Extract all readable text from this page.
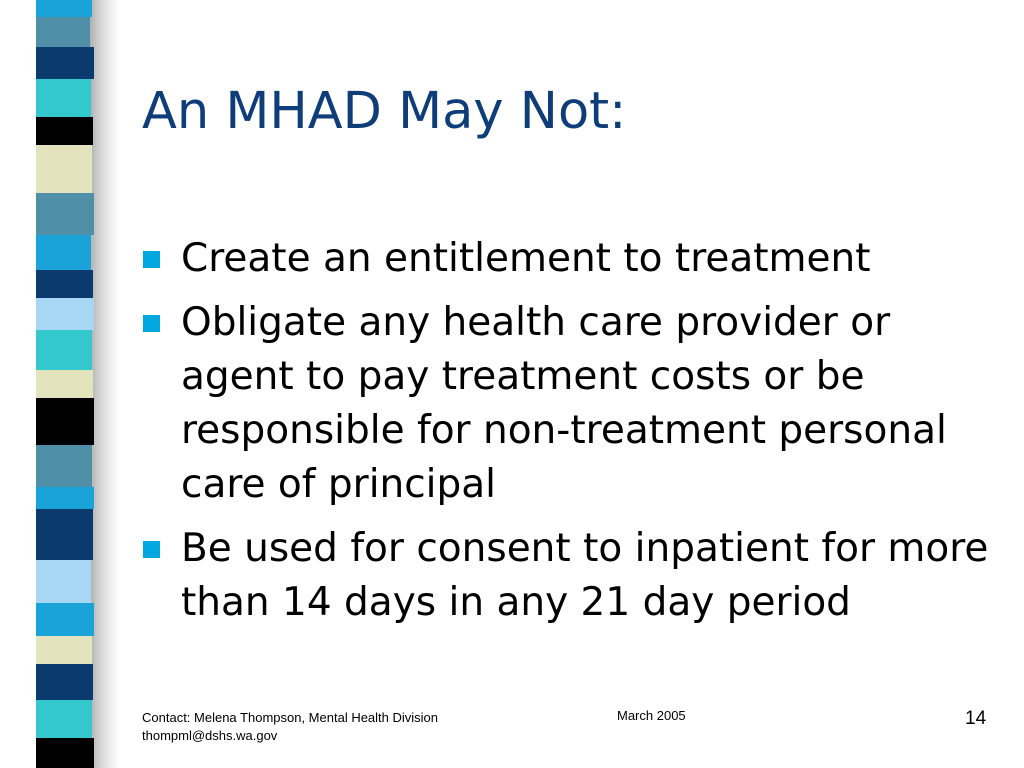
An MHAD May Not:
Create an entitlement to treatment
Obligate any health care provider or agent to pay treatment costs or be responsible for non-treatment personal care of principal
Be used for consent to inpatient for more than 14 days in any 21 day period
Contact: Melena Thompson, Mental Health Division
thompml@dshs.wa.gov
March 2005	14
